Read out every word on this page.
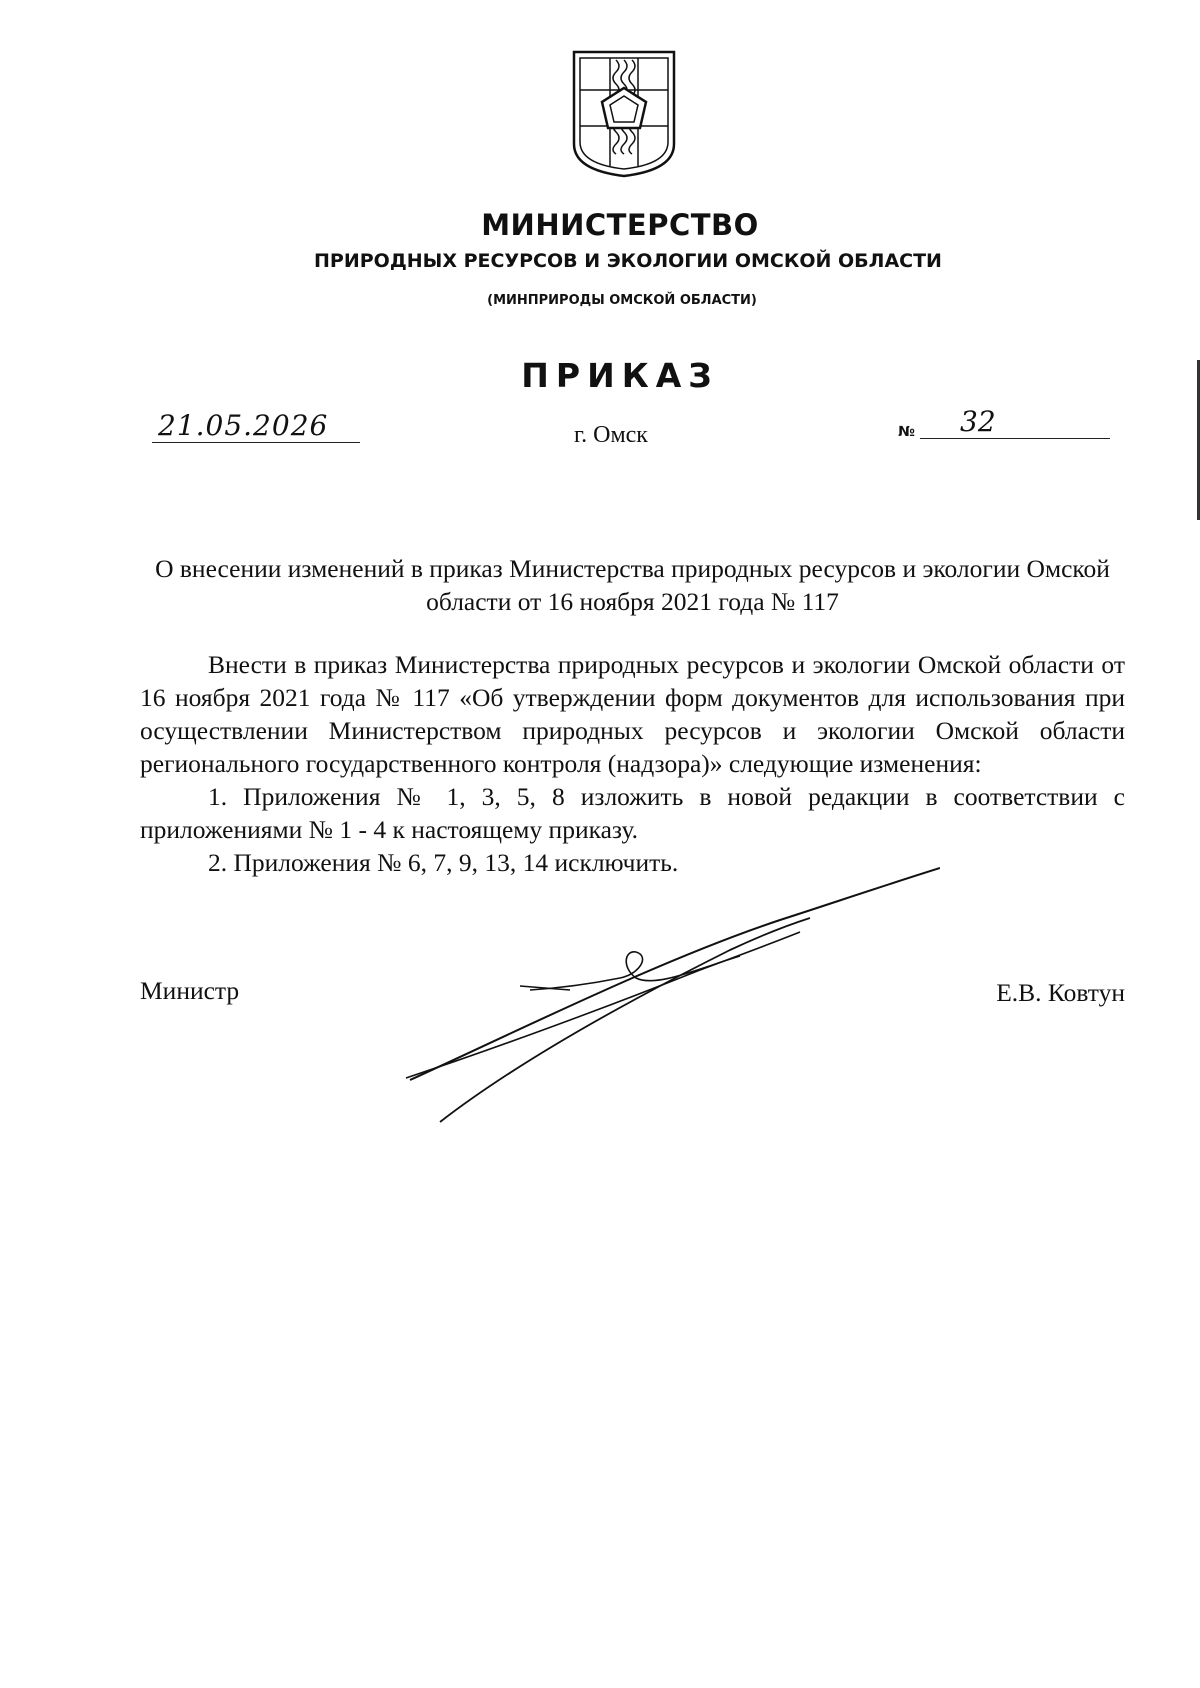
МИНИСТЕРСТВО
ПРИРОДНЫХ РЕСУРСОВ И ЭКОЛОГИИ ОМСКОЙ ОБЛАСТИ
(МИНПРИРОДЫ ОМСКОЙ ОБЛАСТИ)
ПРИКАЗ
21.05.2026	г. Омск	№	32
О внесении изменений в приказ Министерства природных ресурсов и экологии Омской области от 16 ноября 2021 года № 117

Внести в приказ Министерства природных ресурсов и экологии Омской области от 16 ноября 2021 года № 117 «Об утверждении форм документов для использования при осуществлении Министерством природных ресурсов и экологии Омской области регионального государственного контроля (надзора)» следующие изменения:

1. Приложения № 1, 3, 5, 8 изложить в новой редакции в соответствии с приложениями № 1 - 4 к настоящему приказу.

2. Приложения № 6, 7, 9, 13, 14 исключить.

Министр	Е.В. Ковтун
